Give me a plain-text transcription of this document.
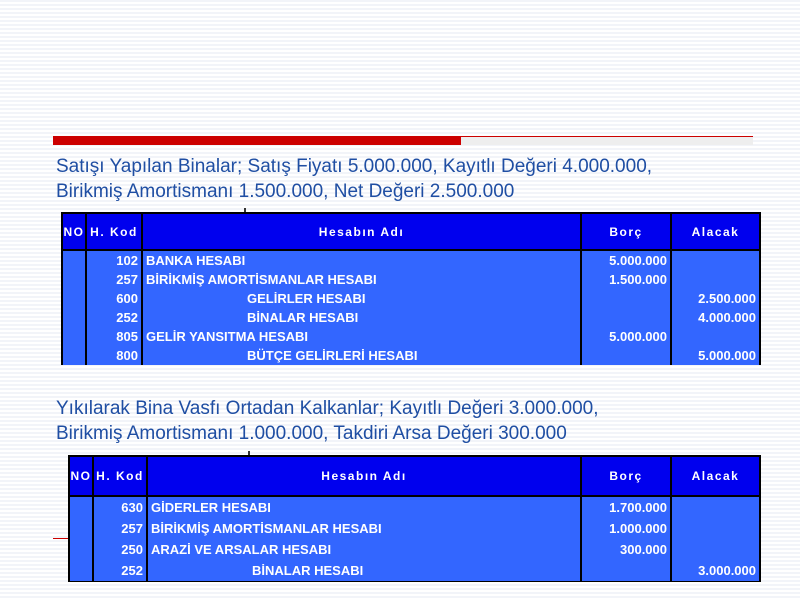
Satışı Yapılan Binalar; Satış Fiyatı 5.000.000, Kayıtlı Değeri 4.000.000,
Birikmiş Amortismanı 1.500.000, Net Değeri 2.500.000
NO	H. Kod	Hesabın Adı	Borç	Alacak
	102	BANKA HESABI	5.000.000	
	257	BİRİKMİŞ AMORTİSMANLAR HESABI	1.500.000	
	600	GELİRLER HESABI		2.500.000
	252	BİNALAR HESABI		4.000.000
	805	GELİR YANSITMA HESABI	5.000.000	
	800	BÜTÇE GELİRLERİ HESABI		5.000.000
Yıkılarak Bina Vasfı Ortadan Kalkanlar; Kayıtlı Değeri 3.000.000,
Birikmiş Amortismanı 1.000.000, Takdiri Arsa Değeri 300.000
NO	H. Kod	Hesabın Adı	Borç	Alacak
	630	GİDERLER HESABI	1.700.000	
	257	BİRİKMİŞ AMORTİSMANLAR HESABI	1.000.000	
	250	ARAZİ VE ARSALAR HESABI	300.000	
	252	BİNALAR HESABI		3.000.000
